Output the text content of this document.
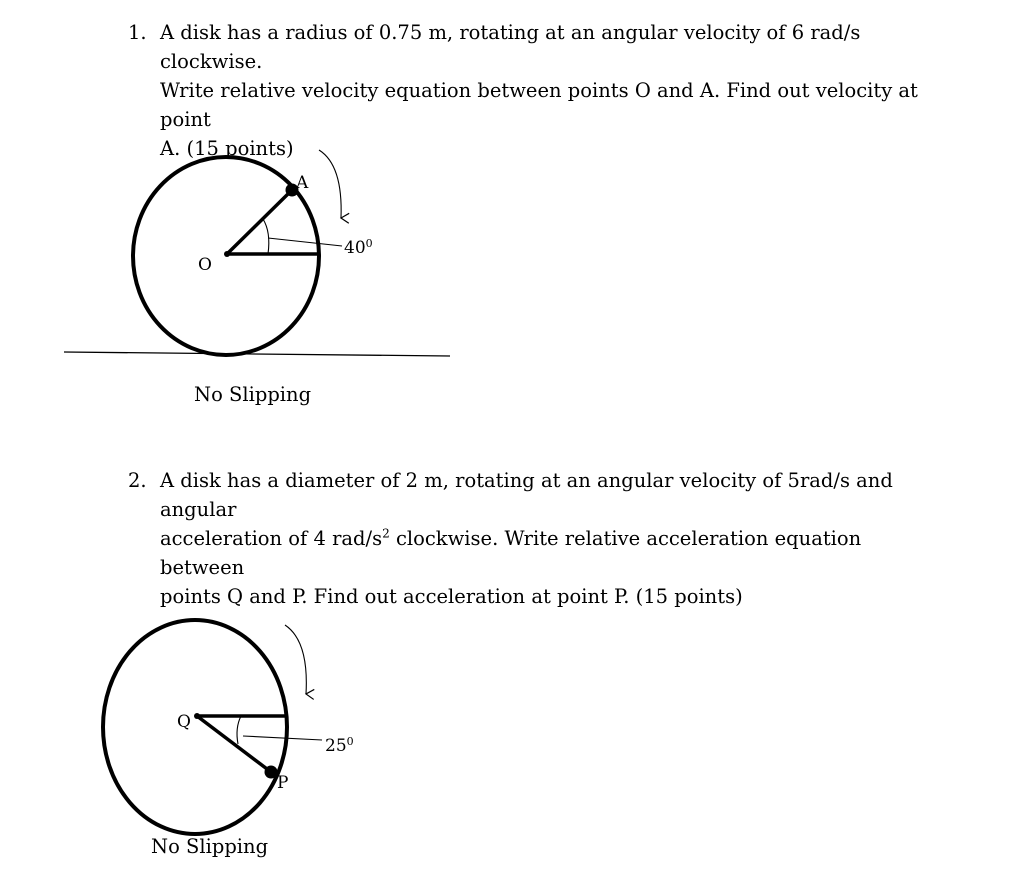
1. A disk has a radius of 0.75 m, rotating at an angular velocity of 6 rad/s clockwise.
Write relative velocity equation between points O and A. Find out velocity at point
A. (15 points)
O
A
$40^0$
No Slipping
2. A disk has a diameter of 2 m, rotating at an angular velocity of 5rad/s and angular
acceleration of 4 rad/$s^2$ clockwise. Write relative acceleration equation between
points Q and P. Find out acceleration at point P. (15 points)
Q
P
$25^0$
No Slipping
